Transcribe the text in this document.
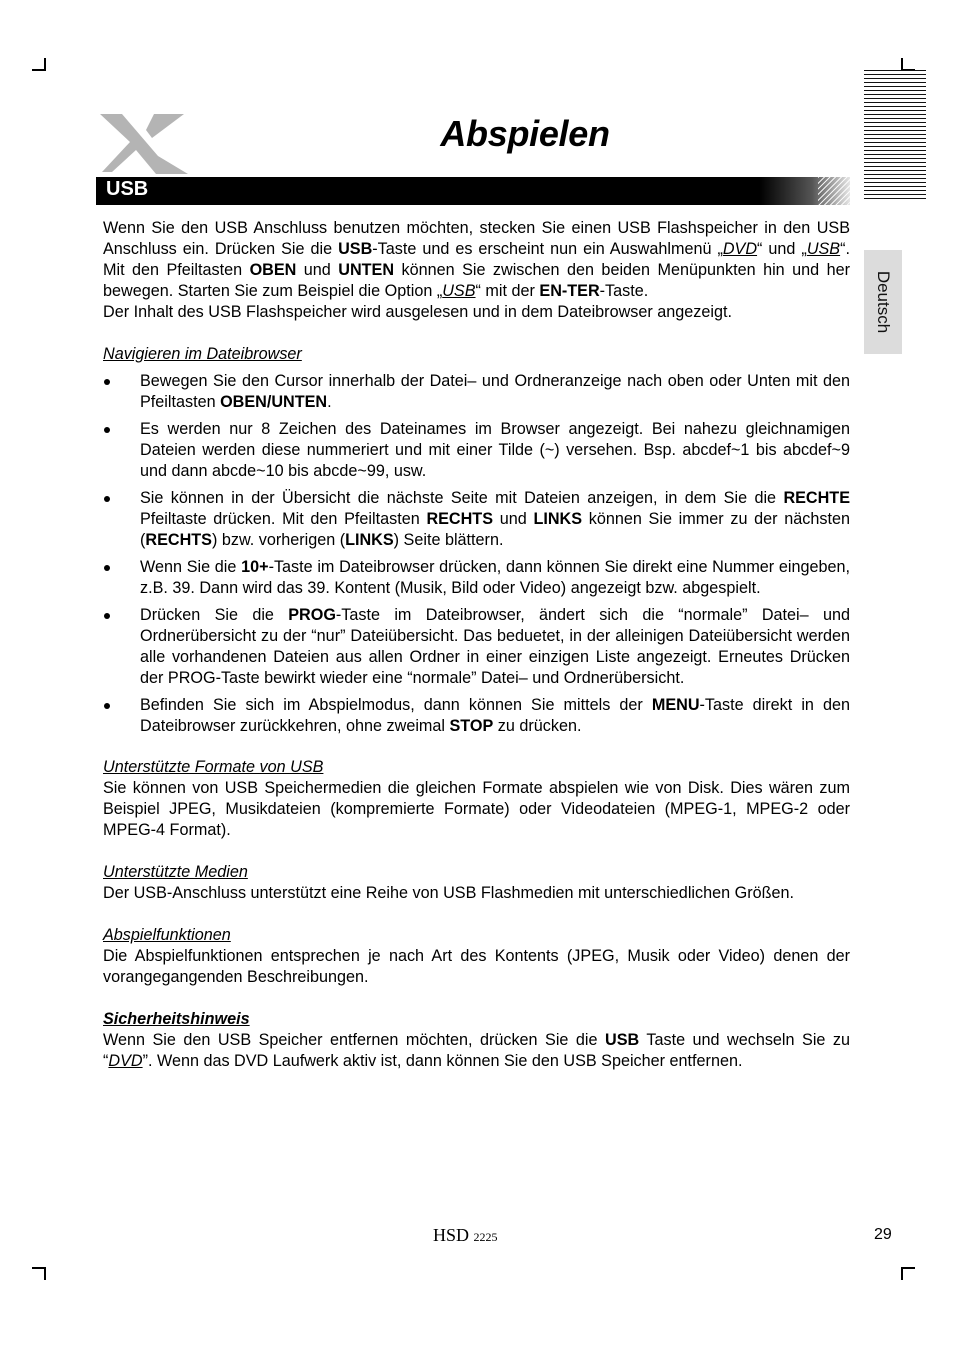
Abspielen
Deutsch
USB

Wenn Sie den USB Anschluss benutzen möchten, stecken Sie einen USB Flashspeicher in den USB Anschluss ein. Drücken Sie die USB-Taste und es erscheint nun ein Auswahlmenü „DVD“ und „USB“. Mit den Pfeiltasten OBEN und UNTEN können Sie zwischen den beiden Menüpunkten hin und her bewegen. Starten Sie zum Beispiel die Option „USB“ mit der EN-TER-Taste.

Der Inhalt des USB Flashspeicher wird ausgelesen und in dem Dateibrowser angezeigt.

Navigieren im Dateibrowser

Bewegen Sie den Cursor innerhalb der Datei– und Ordneranzeige nach oben oder Unten mit den Pfeiltasten OBEN/UNTEN.
Es werden nur 8 Zeichen des Dateinames im Browser angezeigt. Bei nahezu gleichnamigen Dateien werden diese nummeriert und mit einer Tilde (~) versehen. Bsp. abcdef~1 bis abcdef~9 und dann abcde~10 bis abcde~99, usw.
Sie können in der Übersicht die nächste Seite mit Dateien anzeigen, in dem Sie die RECHTE Pfeiltaste drücken. Mit den Pfeiltasten RECHTS und LINKS können Sie immer zu der nächsten (RECHTS) bzw. vorherigen (LINKS) Seite blättern.
Wenn Sie die 10+-Taste im Dateibrowser drücken, dann können Sie direkt eine Nummer eingeben, z.B. 39. Dann wird das 39. Kontent (Musik, Bild oder Video) angezeigt bzw. abgespielt.
Drücken Sie die PROG-Taste im Dateibrowser, ändert sich die “normale” Datei– und Ordnerübersicht zu der “nur” Dateiübersicht. Das beduetet, in der alleinigen Dateiübersicht werden alle vorhandenen Dateien aus allen Ordner in einer einzigen Liste angezeigt. Erneutes Drücken der PROG-Taste bewirkt wieder eine “normale” Datei– und Ordnerübersicht.
Befinden Sie sich im Abspielmodus, dann können Sie mittels der MENU-Taste direkt in den Dateibrowser zurückkehren, ohne zweimal STOP zu drücken.

Unterstützte Formate von USB

Sie können von USB Speichermedien die gleichen Formate abspielen wie von Disk. Dies wären zum Beispiel JPEG, Musikdateien (kompremierte Formate) oder Videodateien (MPEG-1, MPEG-2 oder MPEG-4 Format).

Unterstützte Medien

Der USB-Anschluss unterstützt eine Reihe von USB Flashmedien mit unterschiedlichen Größen.

Abspielfunktionen

Die Abspielfunktionen entsprechen je nach Art des Kontents (JPEG, Musik oder Video) denen der vorangegangenden Beschreibungen.

Sicherheitshinweis

Wenn Sie den USB Speicher entfernen möchten, drücken Sie die USB Taste und wechseln Sie zu “DVD”. Wenn das DVD Laufwerk aktiv ist, dann können Sie den USB Speicher entfernen.

HSD 2225	29
